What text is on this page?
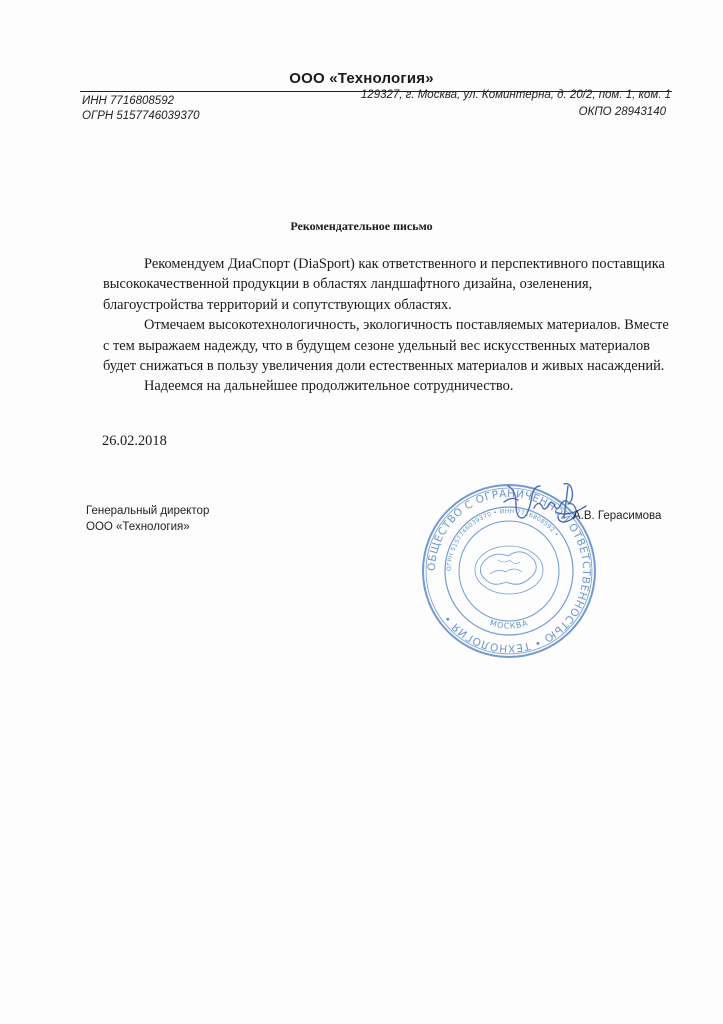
ООО «Технология»
ИНН 7716808592
ОГРН 5157746039370
129327, г. Москва, ул. Коминтерна, д. 20/2, пом. 1, ком. 1
ОКПО 28943140
Рекомендательное письмо

Рекомендуем ДиаСпорт (DiaSport) как ответственного и перспективного поставщика высококачественной продукции в областях ландшафтного дизайна, озеленения, благоустройства территорий и сопутствующих областях.

Отмечаем высокотехнологичность, экологичность поставляемых материалов. Вместе с тем выражаем надежду, что в будущем сезоне удельный вес искусственных материалов будет снижаться в пользу увеличения доли естественных материалов и живых насаждений.

Надеемся на дальнейшее продолжительное сотрудничество.

26.02.2018
Генеральный директор
ООО «Технология»
ОБЩЕСТВО С ОГРАНИЧЕННОЙ ОТВЕТСТВЕННОСТЬЮ • ТЕХНОЛОГИЯ •
ОГРН 5157746039370 • ИНН 7716808592 •
МОСКВА
А.В. Герасимова
